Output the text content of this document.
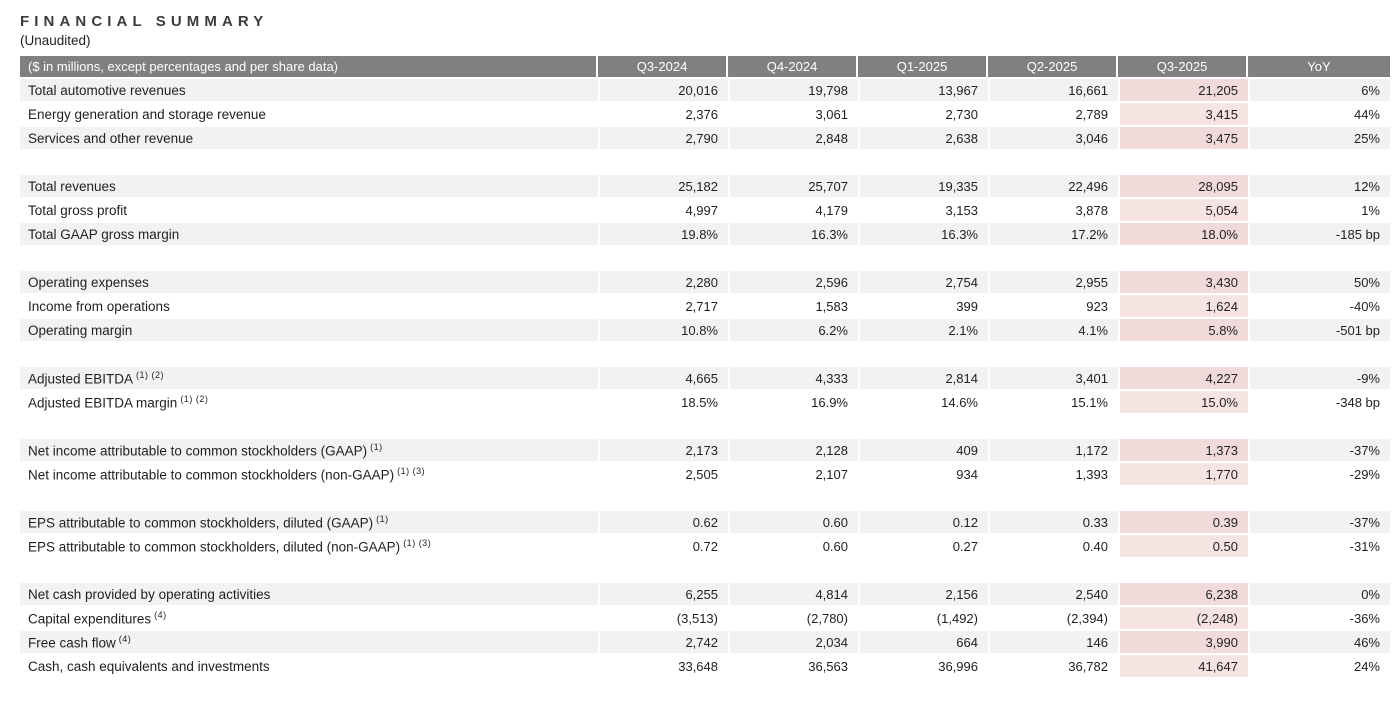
FINANCIAL SUMMARY
(Unaudited)
($ in millions, except percentages and per share data)	Q3-2024	Q4-2024	Q1-2025	Q2-2025	Q3-2025	YoY
Total automotive revenues	20,016	19,798	13,967	16,661	21,205	6%
Energy generation and storage revenue	2,376	3,061	2,730	2,789	3,415	44%
Services and other revenue	2,790	2,848	2,638	3,046	3,475	25%

Total revenues	25,182	25,707	19,335	22,496	28,095	12%
Total gross profit	4,997	4,179	3,153	3,878	5,054	1%
Total GAAP gross margin	19.8%	16.3%	16.3%	17.2%	18.0%	-185 bp

Operating expenses	2,280	2,596	2,754	2,955	3,430	50%
Income from operations	2,717	1,583	399	923	1,624	-40%
Operating margin	10.8%	6.2%	2.1%	4.1%	5.8%	-501 bp

Adjusted EBITDA $^{(1) (2)}$	4,665	4,333	2,814	3,401	4,227	-9%
Adjusted EBITDA margin $^{(1) (2)}$	18.5%	16.9%	14.6%	15.1%	15.0%	-348 bp

Net income attributable to common stockholders (GAAP) $^{(1)}$	2,173	2,128	409	1,172	1,373	-37%
Net income attributable to common stockholders (non-GAAP) $^{(1) (3)}$	2,505	2,107	934	1,393	1,770	-29%

EPS attributable to common stockholders, diluted (GAAP) $^{(1)}$	0.62	0.60	0.12	0.33	0.39	-37%
EPS attributable to common stockholders, diluted (non-GAAP) $^{(1) (3)}$	0.72	0.60	0.27	0.40	0.50	-31%

Net cash provided by operating activities	6,255	4,814	2,156	2,540	6,238	0%
Capital expenditures $^{(4)}$	(3,513)	(2,780)	(1,492)	(2,394)	(2,248)	-36%
Free cash flow $^{(4)}$	2,742	2,034	664	146	3,990	46%
Cash, cash equivalents and investments	33,648	36,563	36,996	36,782	41,647	24%
